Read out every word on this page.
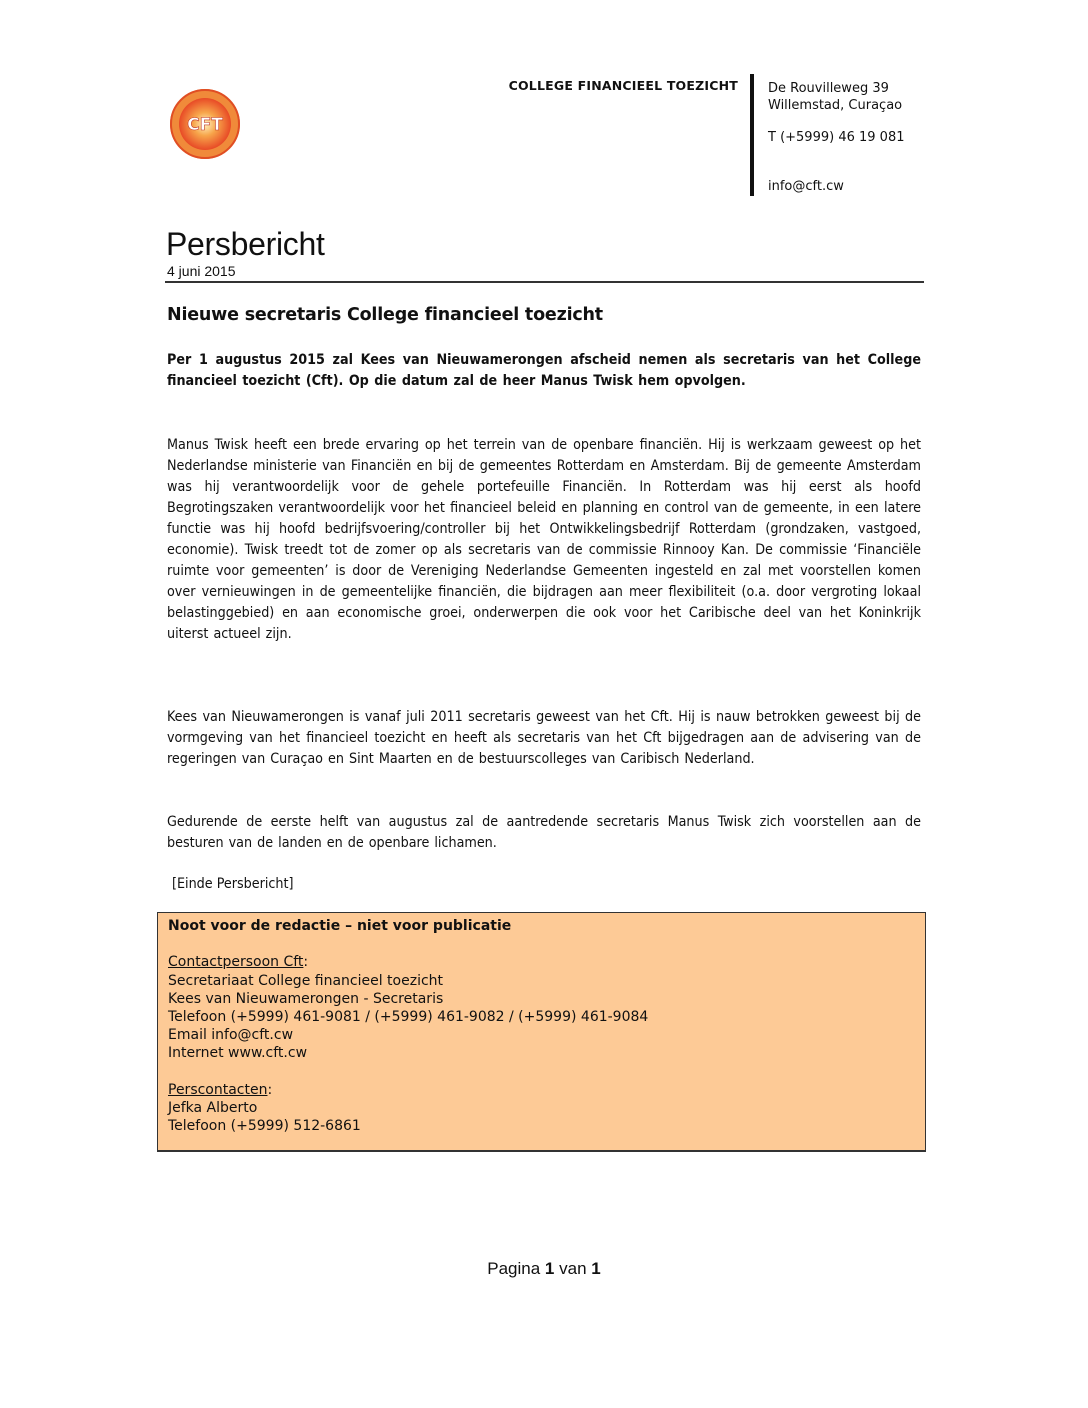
CFT
COLLEGE FINANCIEEL TOEZICHT De Rouvilleweg 39
Willemstad, Curaçao
T (+5999) 46 19 081
info@cft.cw
Persbericht
4 juni 2015
Nieuwe secretaris College financieel toezicht
Per 1 augustus 2015 zal Kees van Nieuwamerongen afscheid nemen als secretaris van het College financieel toezicht (Cft). Op die datum zal de heer Manus Twisk hem opvolgen.
Manus Twisk heeft een brede ervaring op het terrein van de openbare financiën. Hij is werkzaam geweest op het Nederlandse ministerie van Financiën en bij de gemeentes Rotterdam en Amsterdam. Bij de gemeente Amsterdam was hij verantwoordelijk voor de gehele portefeuille Financiën. In Rotterdam was hij eerst als hoofd Begrotingszaken verantwoordelijk voor het financieel beleid en planning en control van de gemeente, in een latere functie was hij hoofd bedrijfsvoering/controller bij het Ontwikkelingsbedrijf Rotterdam (grondzaken, vastgoed, economie). Twisk treedt tot de zomer op als secretaris van de commissie Rinnooy Kan. De commissie ‘Financiële ruimte voor gemeenten’ is door de Vereniging Nederlandse Gemeenten ingesteld en zal met voorstellen komen over vernieuwingen in de gemeentelijke financiën, die bijdragen aan meer flexibiliteit (o.a. door vergroting lokaal belastinggebied) en aan economische groei, onderwerpen die ook voor het Caribische deel van het Koninkrijk uiterst actueel zijn.
Kees van Nieuwamerongen is vanaf juli 2011 secretaris geweest van het Cft. Hij is nauw betrokken geweest bij de vormgeving van het financieel toezicht en heeft als secretaris van het Cft bijgedragen aan de advisering van de regeringen van Curaçao en Sint Maarten en de bestuurscolleges van Caribisch Nederland.
Gedurende de eerste helft van augustus zal de aantredende secretaris Manus Twisk zich voorstellen aan de besturen van de landen en de openbare lichamen.
[Einde Persbericht]
Noot voor de redactie – niet voor publicatie

Contactpersoon Cft:
Secretariaat College financieel toezicht
Kees van Nieuwamerongen - Secretaris
Telefoon (+5999) 461-9081 / (+5999) 461-9082 / (+5999) 461-9084
Email info@cft.cw
Internet www.cft.cw

Perscontacten:
Jefka Alberto
Telefoon (+5999) 512-6861
Pagina 1 van 1
